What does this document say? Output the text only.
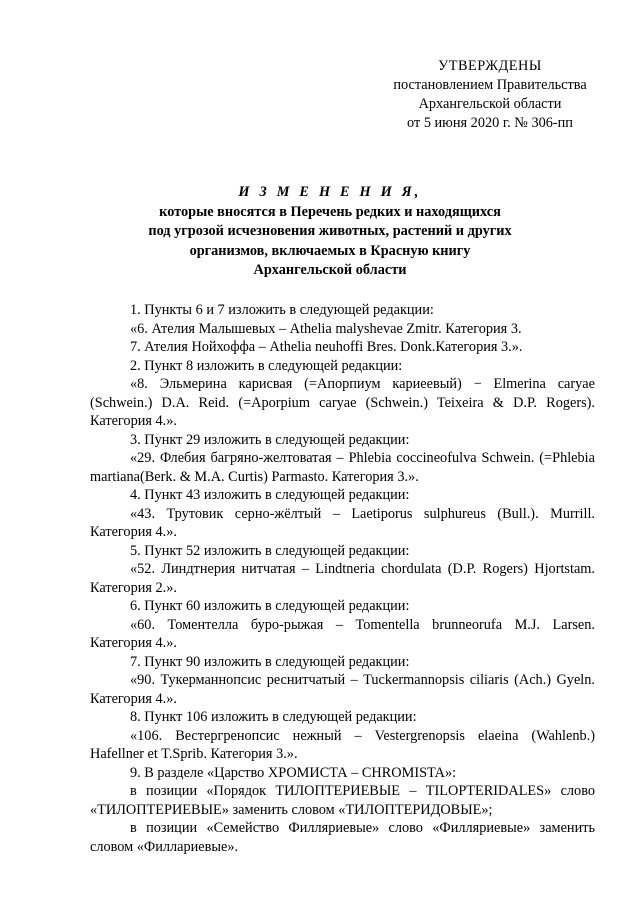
УТВЕРЖДЕНЫ
постановлением Правительства
Архангельской области
от 5 июня 2020 г. № 306-пп
И З М Е Н Е Н И Я,
которые вносятся в Перечень редких и находящихся
под угрозой исчезновения животных, растений и других
организмов, включаемых в Красную книгу
Архангельской области

1. Пункты 6 и 7 изложить в следующей редакции:

«6. Ателия Малышевых – Athelia malyshevae Zmitr. Категория 3.

7. Ателия Нойхоффа – Athelia neuhoffi Bres. Donk.Категория 3.».

2. Пункт 8 изложить в следующей редакции:

«8. Эльмерина карисвая (=Апорпиум кариеевый) − Elmerina caryae (Schwein.) D.A. Reid. (=Aporpium caryae (Schwein.) Teixeira & D.P. Rogers). Категория 4.».

3. Пункт 29 изложить в следующей редакции:

«29. Флебия багряно-желтоватая – Phlebia coccineofulva Schwein. (=Phlebia martiana(Berk. & M.A. Curtis) Parmasto. Категория 3.».

4. Пункт 43 изложить в следующей редакции:

«43. Трутовик серно-жёлтый – Laetiporus sulphureus (Bull.). Murrill. Категория 4.».

5. Пункт 52 изложить в следующей редакции:

«52. Линдтнерия нитчатая – Lindtneria chordulata (D.P. Rogers) Hjortstam. Категория 2.».

6. Пункт 60 изложить в следующей редакции:

«60. Томентелла буро-рыжая – Tomentella brunneorufa M.J. Larsen. Категория 4.».

7. Пункт 90 изложить в следующей редакции:

«90. Тукерманнопсис реснитчатый – Tuckermannopsis ciliaris (Ach.) Gyeln. Категория 4.».

8. Пункт 106 изложить в следующей редакции:

«106. Вестергренопсис нежный – Vestergrenopsis elaeina (Wahlenb.) Hafellner et T.Sprib. Категория 3.».

9. В разделе «Царство ХРОМИСТА – CHROMISTA»:

в позиции «Порядок ТИЛОПТЕРИЕВЫЕ – TILOPTERIDALES» слово «ТИЛОПТЕРИЕВЫЕ» заменить словом «ТИЛОПТЕРИДОВЫЕ»;

в позиции «Семейство Филляриевые» слово «Филляриевые» заменить словом «Филлариевые».
